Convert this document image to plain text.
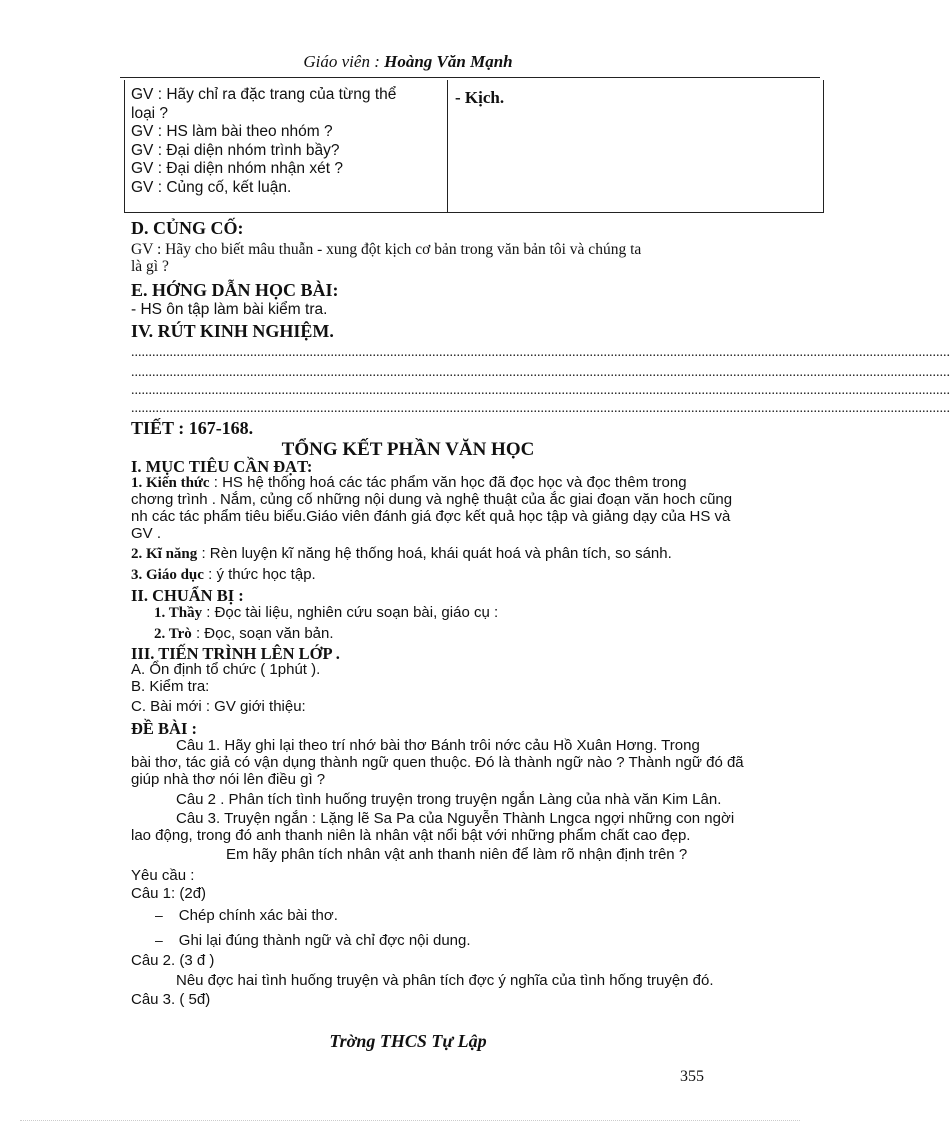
Giáo viên : Hoàng Văn Mạnh
GV : Hãy chỉ ra đặc trang của từng thể
loại ?
GV : HS làm bài theo nhóm ?
GV : Đại diện nhóm trình bầy?
GV : Đại diện nhóm nhận xét ?
GV : Củng cố, kết luận.
- Kịch.
D. CỦNG CỐ:
GV : Hãy cho biết mâu thuẫn - xung đột kịch cơ bản trong văn bản tôi và chúng ta
là gì ?
E. HỚNG DẪN HỌC BÀI:
- HS ôn tập làm bài kiểm tra.
IV. RÚT KINH NGHIỆM.
..........................................................................................................................................................................................................................................
..........................................................................................................................................................................................................................................
..........................................................................................................................................................................................................................................
..........................................................................................................................................................................................................................................
TIẾT : 167-168.
TỔNG KẾT PHẦN VĂN HỌC
I. MỤC TIÊU CẦN ĐẠT:
1. Kiến thức : HS hệ thống hoá các tác phẩm văn học đã đọc học và đọc thêm trong
chơng trình . Nắm, củng cố những nội dung và nghệ thuật của ắc giai đoạn văn hoch cũng
nh các tác phẩm tiêu biểu.Giáo viên đánh giá đợc kết quả học tập và giảng dạy của HS và
GV .
2. Kĩ năng : Rèn luyện kĩ năng hệ thống hoá, khái quát hoá và phân tích, so sánh.
3. Giáo dục : ý thức học tập.
II. CHUẨN BỊ :
1. Thầy : Đọc tài liệu, nghiên cứu soạn bài, giáo cụ :
2. Trò : Đọc, soạn văn bản.
III. TIẾN TRÌNH LÊN LỚP .
A. Ổn định tổ chức ( 1phút ).
B. Kiểm tra:
C. Bài mới : GV giới thiệu:
ĐỀ BÀI :
Câu 1. Hãy ghi lại theo trí nhớ bài thơ Bánh trôi nớc cảu Hồ Xuân Hơng. Trong
bài thơ, tác giả có vận dụng thành ngữ quen thuộc. Đó là thành ngữ nào ? Thành ngữ đó đã
giúp nhà thơ nói lên điều gì ?
Câu 2 . Phân tích tình huống truyện trong truyện ngắn Làng của nhà văn Kim Lân.
Câu 3. Truyện ngắn : Lặng lẽ Sa Pa của Nguyễn Thành Lngca ngợi những con ngời
lao động, trong đó anh thanh niên là nhân vật nổi bật với những phẩm chất cao đẹp.
Em hãy phân tích nhân vật anh thanh niên để làm rõ nhận định trên ?
Yêu cầu :
Câu 1: (2đ)
– Chép chính xác bài thơ.
– Ghi lại đúng thành ngữ và chỉ đợc nội dung.
Câu 2. (3 đ )
Nêu đợc hai tình huống truyện và phân tích đợc ý nghĩa của tình hống truyện đó.
Câu 3. ( 5đ)
Trờng THCS Tự Lập
355
